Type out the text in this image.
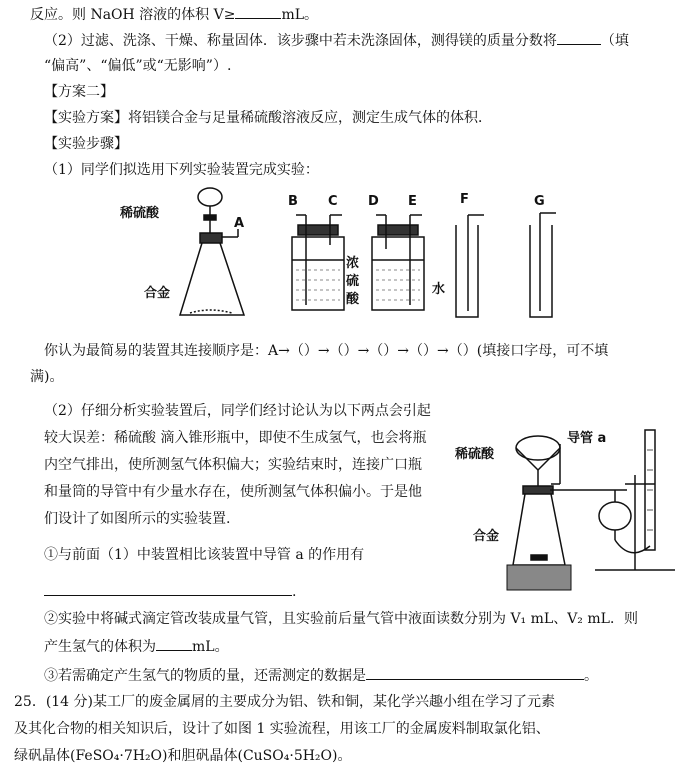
反应。则 NaOH 溶液的体积 V≥	mL。
（2）过滤、洗涤、干燥、称量固体．该步骤中若未洗涤固体，测得镁的质量分数将	（填
“偏高”、“偏低”或“无影响”）.
【方案二】
【实验方案】将铝镁合金与足量稀硫酸溶液反应，测定生成气体的体积．
【实验步骤】
（1）同学们拟选用下列实验装置完成实验：
稀硫酸
合金
A
B C
浓
硫
酸
D E
水
F	G
你认为最简易的装置其连接顺序是：A→（）→（）→（）→（）→（）(填接口字母，可不填
满)。
（2）仔细分析实验装置后，同学们经讨论认为以下两点会引起
较大误差：稀硫酸 滴入锥形瓶中，即使不生成氢气，也会将瓶
内空气排出，使所测氢气体积偏大；实验结束时，连接广口瓶
和量筒的导管中有少量水存在，使所测氢气体积偏小。于是他
们设计了如图所示的实验装置.
①与前面（1）中装置相比该装置中导管 a 的作用有
.
稀硫酸
导管 a
合金
②实验中将碱式滴定管改装成量气管，且实验前后量气管中液面读数分别为 V₁ mL、V₂ mL．则
产生氢气的体积为	mL。
③若需确定产生氢气的物质的量，还需测定的数据是	。
25．(14 分)某工厂的废金属屑的主要成分为铝、铁和铜，某化学兴趣小组在学习了元素
及其化合物的相关知识后，设计了如图 1 实验流程，用该工厂的金属废料制取氯化铝、
绿矾晶体(FeSO₄·7H₂O)和胆矾晶体(CuSO₄·5H₂O)。
